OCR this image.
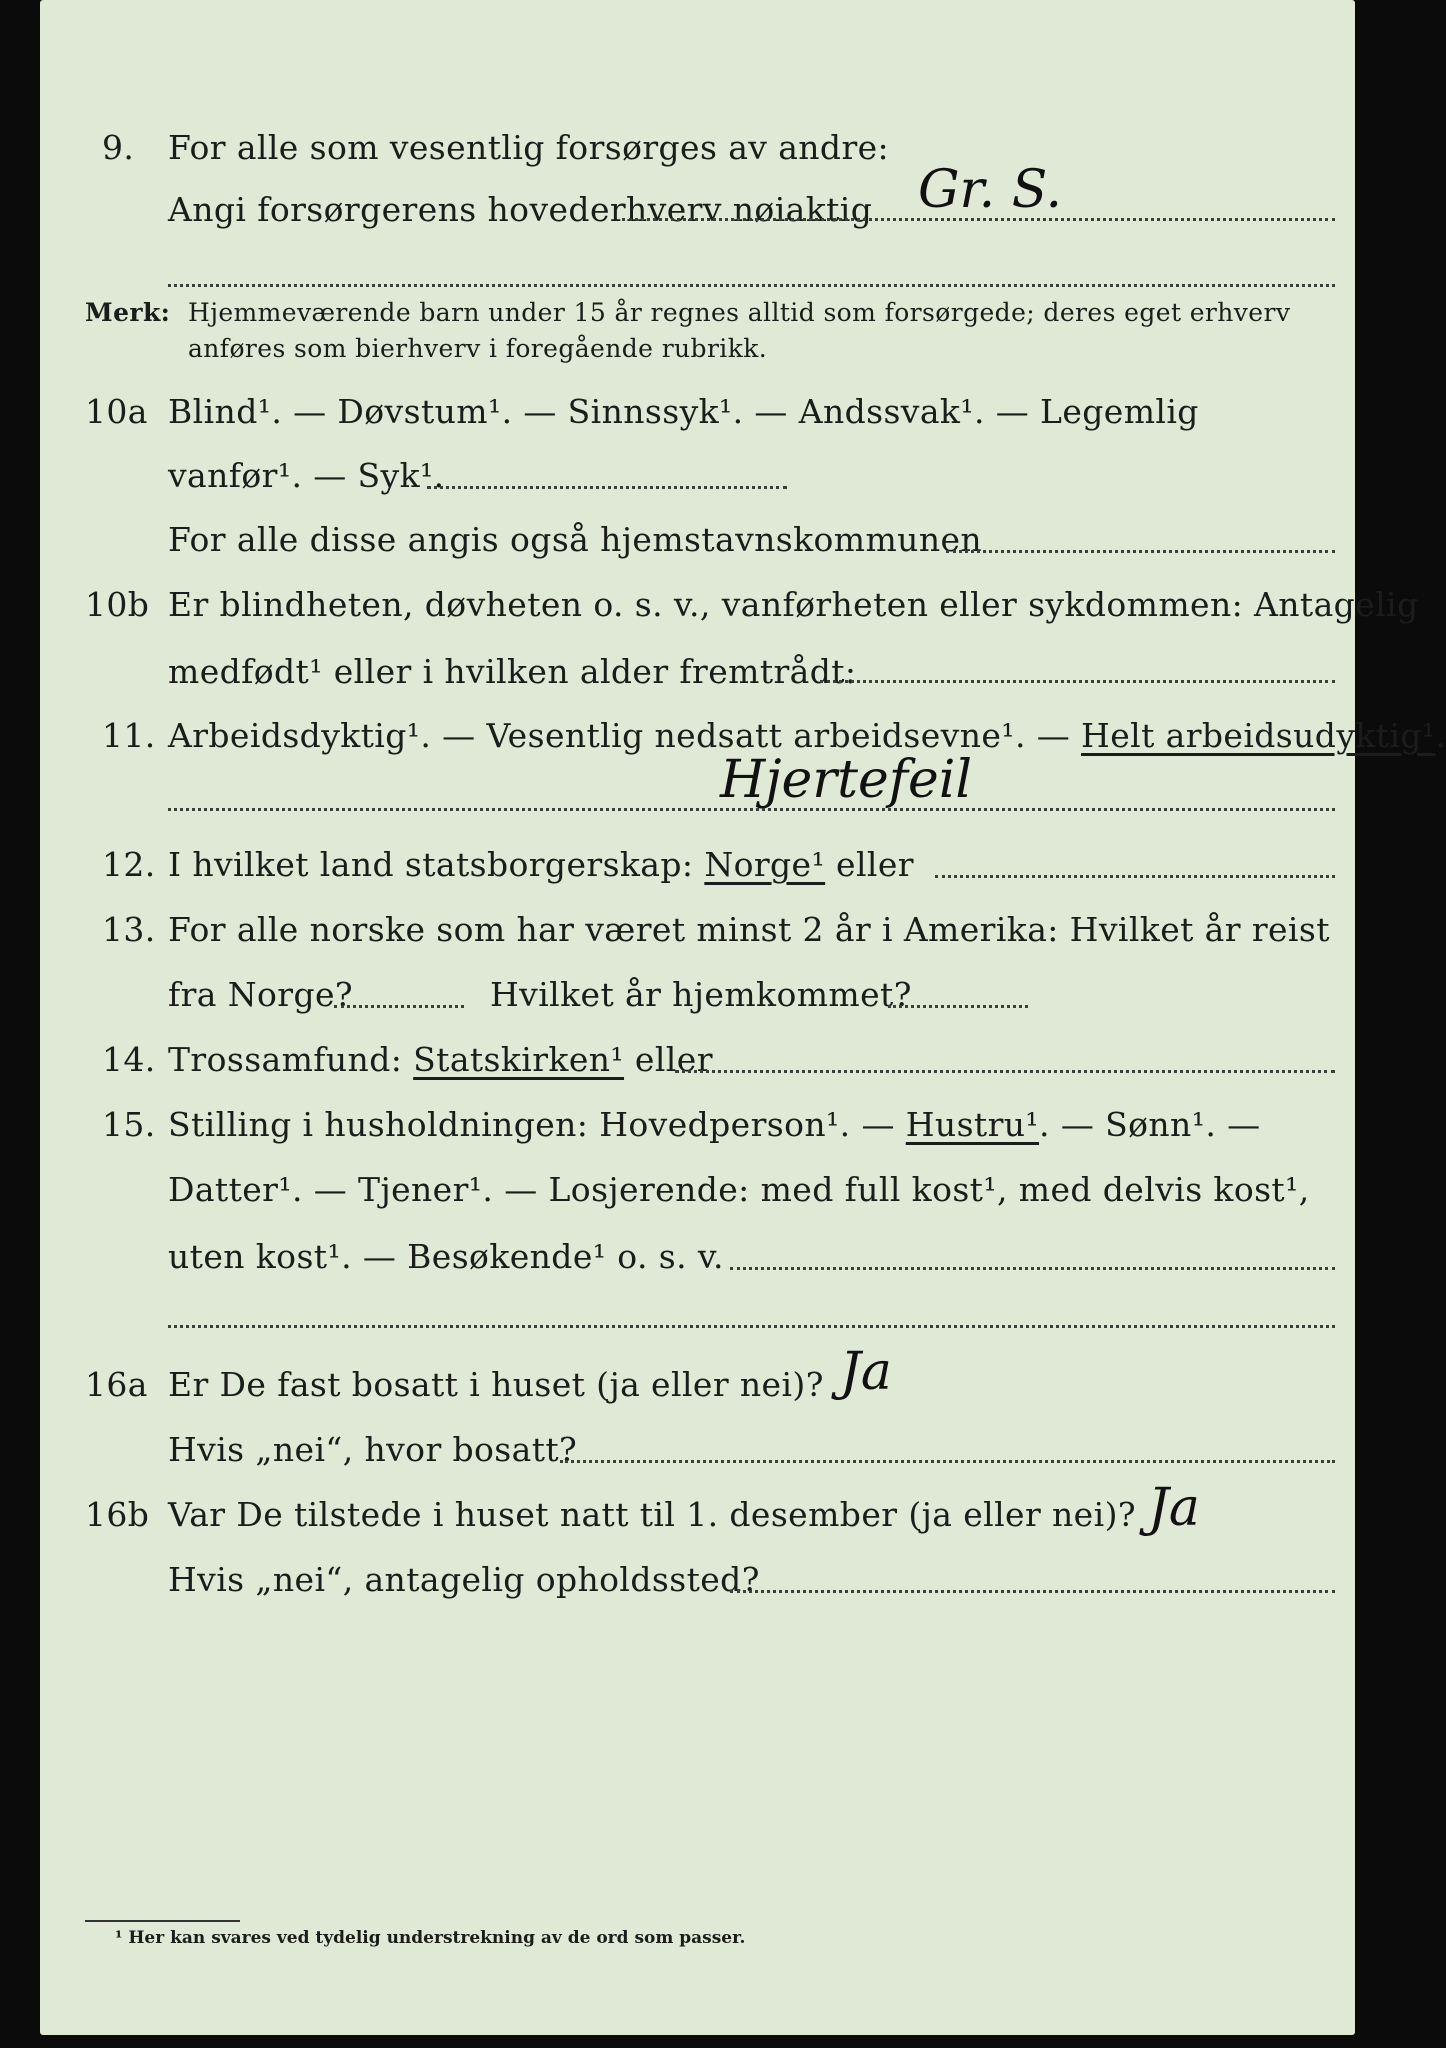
9. For alle som vesentlig forsørges av andre:
Angi forsørgerens hovederhverv nøiaktig Gr. S.
Merk: Hjemmeværende barn under 15 år regnes alltid som forsørgede; deres eget erhverv
anføres som bierhverv i foregående rubrikk.
10a Blind¹. — Døvstum¹. — Sinnssyk¹. — Andssvak¹. — Legemlig
vanfør¹. — Syk¹.
For alle disse angis også hjemstavnskommunen
10b Er blindheten, døvheten o. s. v., vanførheten eller sykdommen: Antagelig
medfødt¹ eller i hvilken alder fremtrådt:
11. Arbeidsdyktig¹. — Vesentlig nedsatt arbeidsevne¹. — Helt arbeidsudyktig¹.
Hjertefeil
12. I hvilket land statsborgerskap: Norge¹ eller
13. For alle norske som har været minst 2 år i Amerika: Hvilket år reist
fra Norge?	Hvilket år hjemkommet?
14. Trossamfund: Statskirken¹ eller
15. Stilling i husholdningen: Hovedperson¹. — Hustru¹. — Sønn¹. —
Datter¹. — Tjener¹. — Losjerende: med full kost¹, med delvis kost¹,
uten kost¹. — Besøkende¹ o. s. v.
16a Er De fast bosatt i huset (ja eller nei)? Ja
Hvis „nei“, hvor bosatt?
16b Var De tilstede i huset natt til 1. desember (ja eller nei)? Ja
Hvis „nei“, antagelig opholdssted?
¹ Her kan svares ved tydelig understrekning av de ord som passer.
